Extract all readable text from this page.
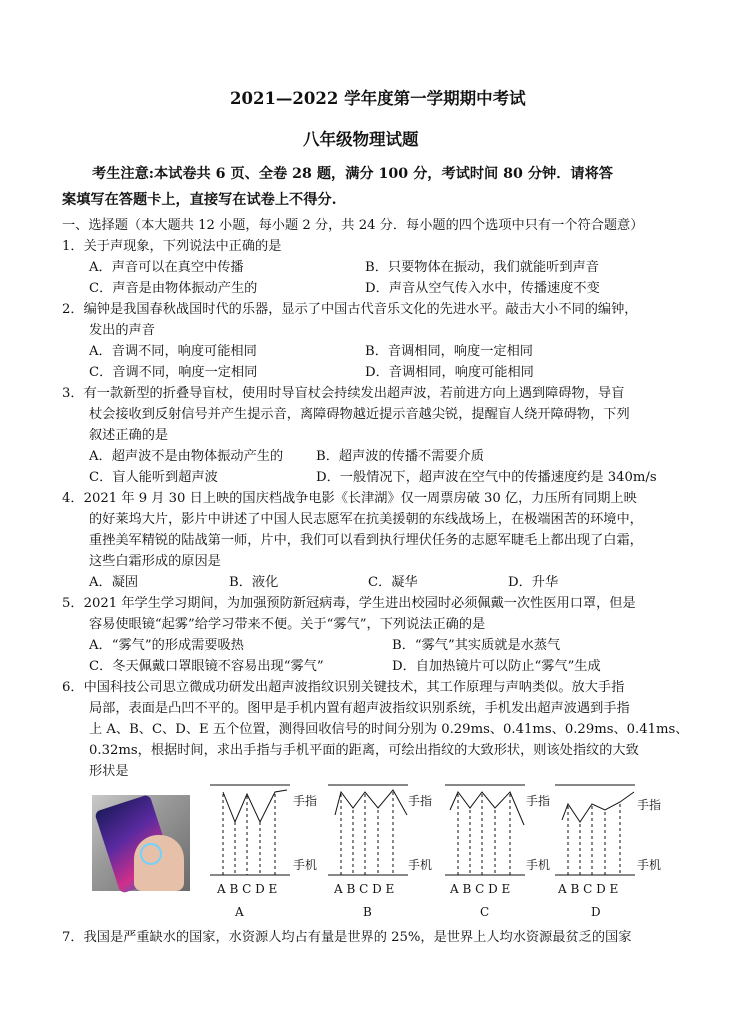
2021—2022 学年度第一学期期中考试
八年级物理试题
考生注意:本试卷共 6 页、全卷 28 题，满分 100 分，考试时间 80 分钟．请将答
案填写在答题卡上，直接写在试卷上不得分.
一、选择题（本大题共 12 小题，每小题 2 分，共 24 分．每小题的四个选项中只有一个符合题意）
1．关于声现象，下列说法中正确的是
A．声音可以在真空中传播	B．只要物体在振动，我们就能听到声音
C．声音是由物体振动产生的	D．声音从空气传入水中，传播速度不变
2．编钟是我国春秋战国时代的乐器，显示了中国古代音乐文化的先进水平。敲击大小不同的编钟，
发出的声音
A．音调不同，响度可能相同	B．音调相同，响度一定相同
C．音调不同，响度一定相同	D．音调相同，响度可能相同
3．有一款新型的折叠导盲杖，使用时导盲杖会持续发出超声波，若前进方向上遇到障碍物，导盲
杖会接收到反射信号并产生提示音，离障碍物越近提示音越尖锐，提醒盲人绕开障碍物，下列
叙述正确的是
A．超声波不是由物体振动产生的 B．超声波的传播不需要介质
C．盲人能听到超声波	D．一般情况下，超声波在空气中的传播速度约是 340m/s
4．2021 年 9 月 30 日上映的国庆档战争电影《长津湖》仅一周票房破 30 亿，力压所有同期上映
的好莱坞大片，影片中讲述了中国人民志愿军在抗美援朝的东线战场上，在极端困苦的环境中，
重挫美军精锐的陆战第一师，片中，我们可以看到执行埋伏任务的志愿军睫毛上都出现了白霜，
这些白霜形成的原因是
A．凝固	B．液化	C．凝华	D．升华
5．2021 年学生学习期间，为加强预防新冠病毒，学生进出校园时必须佩戴一次性医用口罩，但是
容易使眼镜“起雾”给学习带来不便。关于“雾气”，下列说法正确的是
A．“雾气”的形成需要吸热	B．“雾气”其实质就是水蒸气
C．冬天佩戴口罩眼镜不容易出现“雾气”	D．自加热镜片可以防止“雾气”生成
6．中国科技公司思立微成功研发出超声波指纹识别关键技术，其工作原理与声呐类似。放大手指
局部，表面是凸凹不平的。图甲是手机内置有超声波指纹识别系统，手机发出超声波遇到手指
上 A、B、C、D、E 五个位置，测得回收信号的时间分别为 0.29ms、0.41ms、0.29ms、0.41ms、
0.32ms，根据时间，求出手指与手机平面的距离，可绘出指纹的大致形状，则该处指纹的大致
形状是
手指
手机
A B C D E
A
手指
手机
A B C D E
B
手指
手机
A B C D E
C
手指
手机
A B C D E
D
7．我国是严重缺水的国家，水资源人均占有量是世界的 25%，是世界上人均水资源最贫乏的国家
